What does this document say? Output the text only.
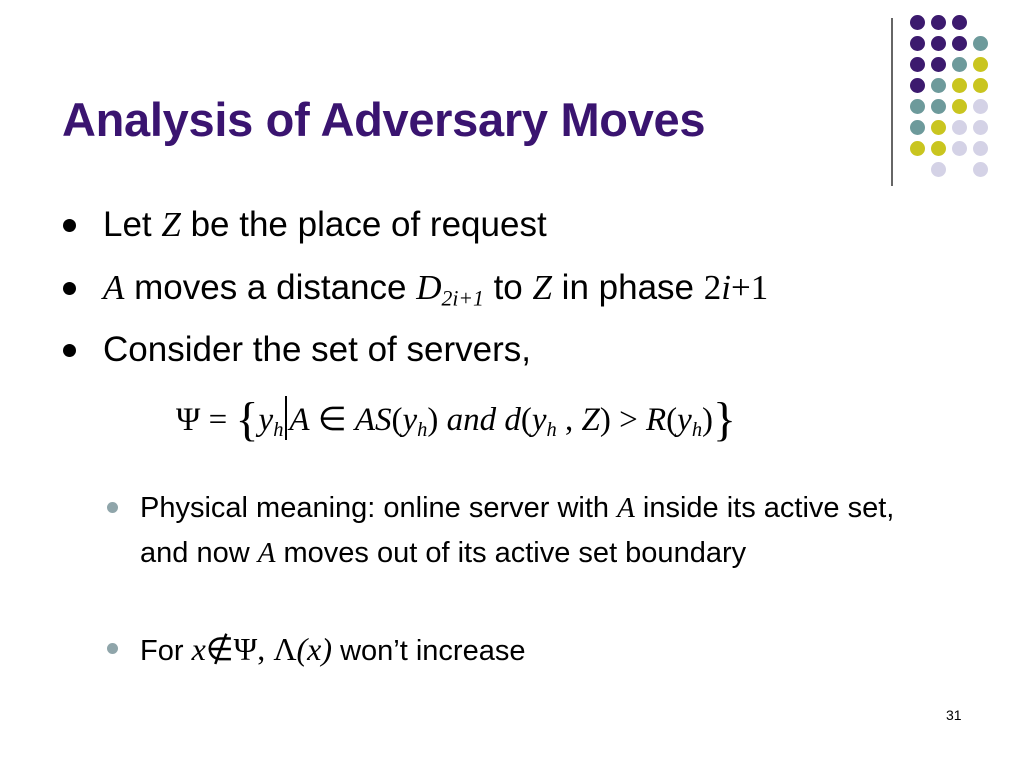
Analysis of Adversary Moves
Let Z be the place of request
A moves a distance $D_{2i+1}$ to Z in phase 2i+1
Consider the set of servers,
$\Psi = \{y_h$ A ∈ $AS(y_h)$ and $d(y_h$ , $Z) > R(y_h)$}
Physical meaning: online server with A inside its active set, and now A moves out of its active set boundary
For x∉Ψ, Λ(x) won’t increase
31
